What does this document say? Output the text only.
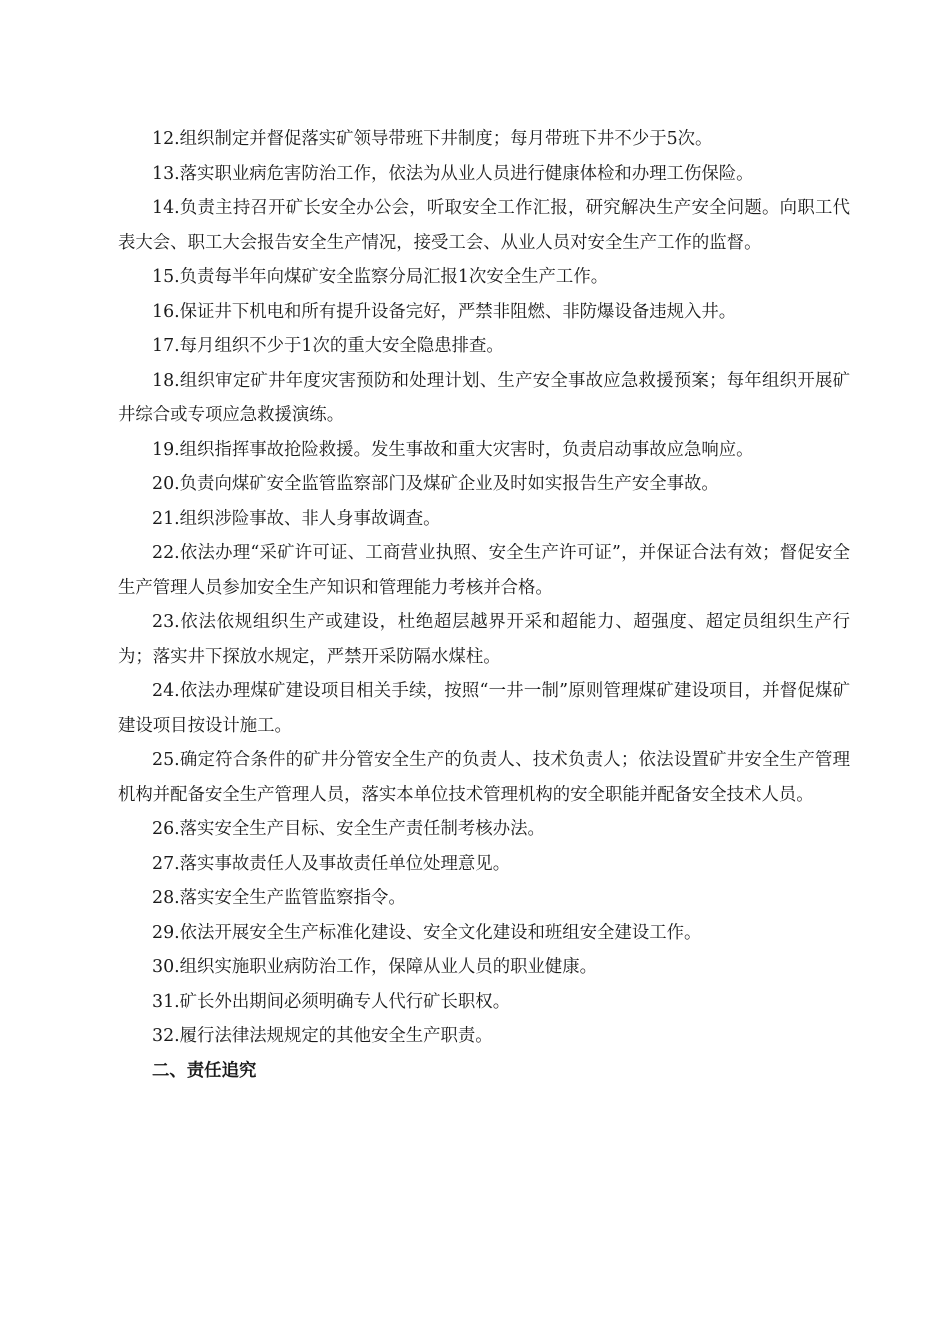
12.组织制定并督促落实矿领导带班下井制度；每月带班下井不少于5次。

13.落实职业病危害防治工作，依法为从业人员进行健康体检和办理工伤保险。

14.负责主持召开矿长安全办公会，听取安全工作汇报，研究解决生产安全问题。向职工代表大会、职工大会报告安全生产情况，接受工会、从业人员对安全生产工作的监督。

15.负责每半年向煤矿安全监察分局汇报1次安全生产工作。

16.保证井下机电和所有提升设备完好，严禁非阻燃、非防爆设备违规入井。

17.每月组织不少于1次的重大安全隐患排查。

18.组织审定矿井年度灾害预防和处理计划、生产安全事故应急救援预案；每年组织开展矿井综合或专项应急救援演练。

19.组织指挥事故抢险救援。发生事故和重大灾害时，负责启动事故应急响应。

20.负责向煤矿安全监管监察部门及煤矿企业及时如实报告生产安全事故。

21.组织涉险事故、非人身事故调查。

22.依法办理“采矿许可证、工商营业执照、安全生产许可证”，并保证合法有效；督促安全生产管理人员参加安全生产知识和管理能力考核并合格。

23.依法依规组织生产或建设，杜绝超层越界开采和超能力、超强度、超定员组织生产行为；落实井下探放水规定，严禁开采防隔水煤柱。

24.依法办理煤矿建设项目相关手续，按照“一井一制”原则管理煤矿建设项目，并督促煤矿建设项目按设计施工。

25.确定符合条件的矿井分管安全生产的负责人、技术负责人；依法设置矿井安全生产管理机构并配备安全生产管理人员，落实本单位技术管理机构的安全职能并配备安全技术人员。

26.落实安全生产目标、安全生产责任制考核办法。

27.落实事故责任人及事故责任单位处理意见。

28.落实安全生产监管监察指令。

29.依法开展安全生产标准化建设、安全文化建设和班组安全建设工作。

30.组织实施职业病防治工作，保障从业人员的职业健康。

31.矿长外出期间必须明确专人代行矿长职权。

32.履行法律法规规定的其他安全生产职责。

二、责任追究
